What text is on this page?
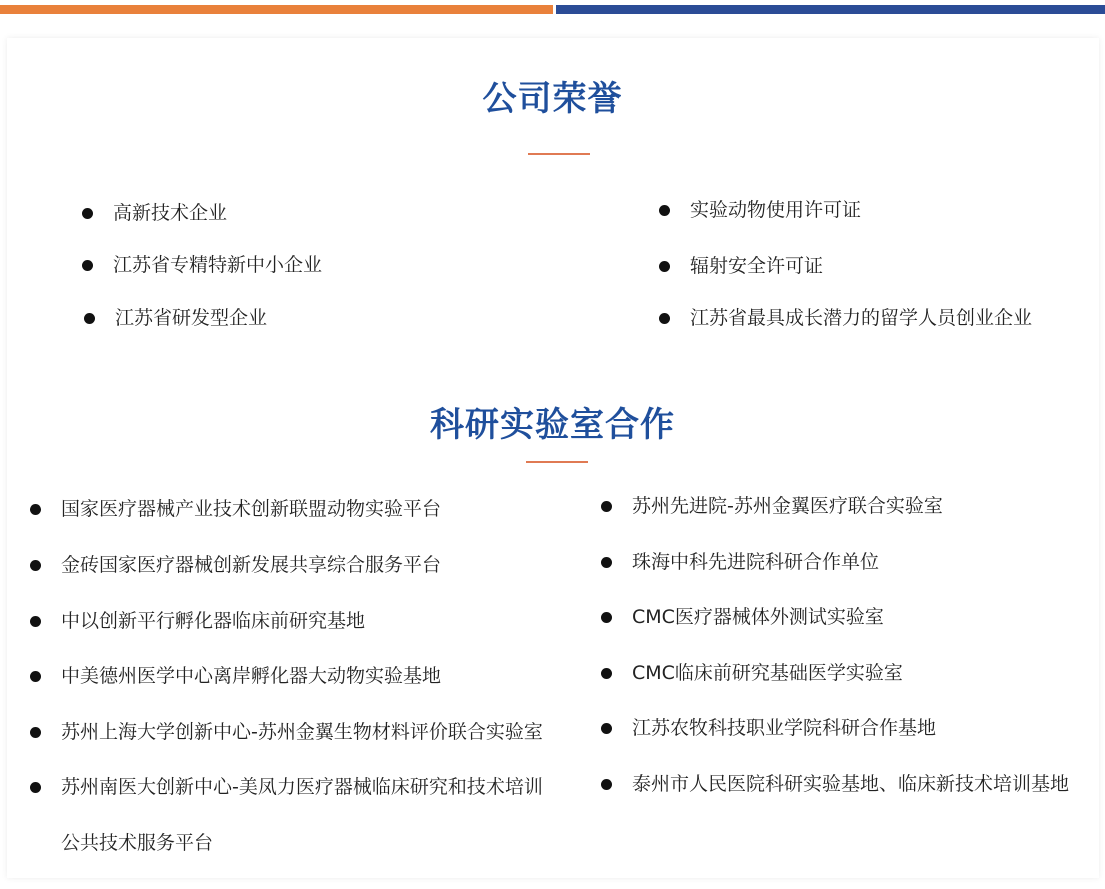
公司荣誉
高新技术企业
江苏省专精特新中小企业
江苏省研发型企业
实验动物使用许可证
辐射安全许可证
江苏省最具成长潜力的留学人员创业企业
科研实验室合作
国家医疗器械产业技术创新联盟动物实验平台
金砖国家医疗器械创新发展共享综合服务平台
中以创新平行孵化器临床前研究基地
中美德州医学中心离岸孵化器大动物实验基地
苏州上海大学创新中心-苏州金翼生物材料评价联合实验室
苏州南医大创新中心-美凤力医疗器械临床研究和技术培训
公共技术服务平台
苏州先进院-苏州金翼医疗联合实验室
珠海中科先进院科研合作单位
CMC医疗器械体外测试实验室
CMC临床前研究基础医学实验室
江苏农牧科技职业学院科研合作基地
泰州市人民医院科研实验基地、临床新技术培训基地
